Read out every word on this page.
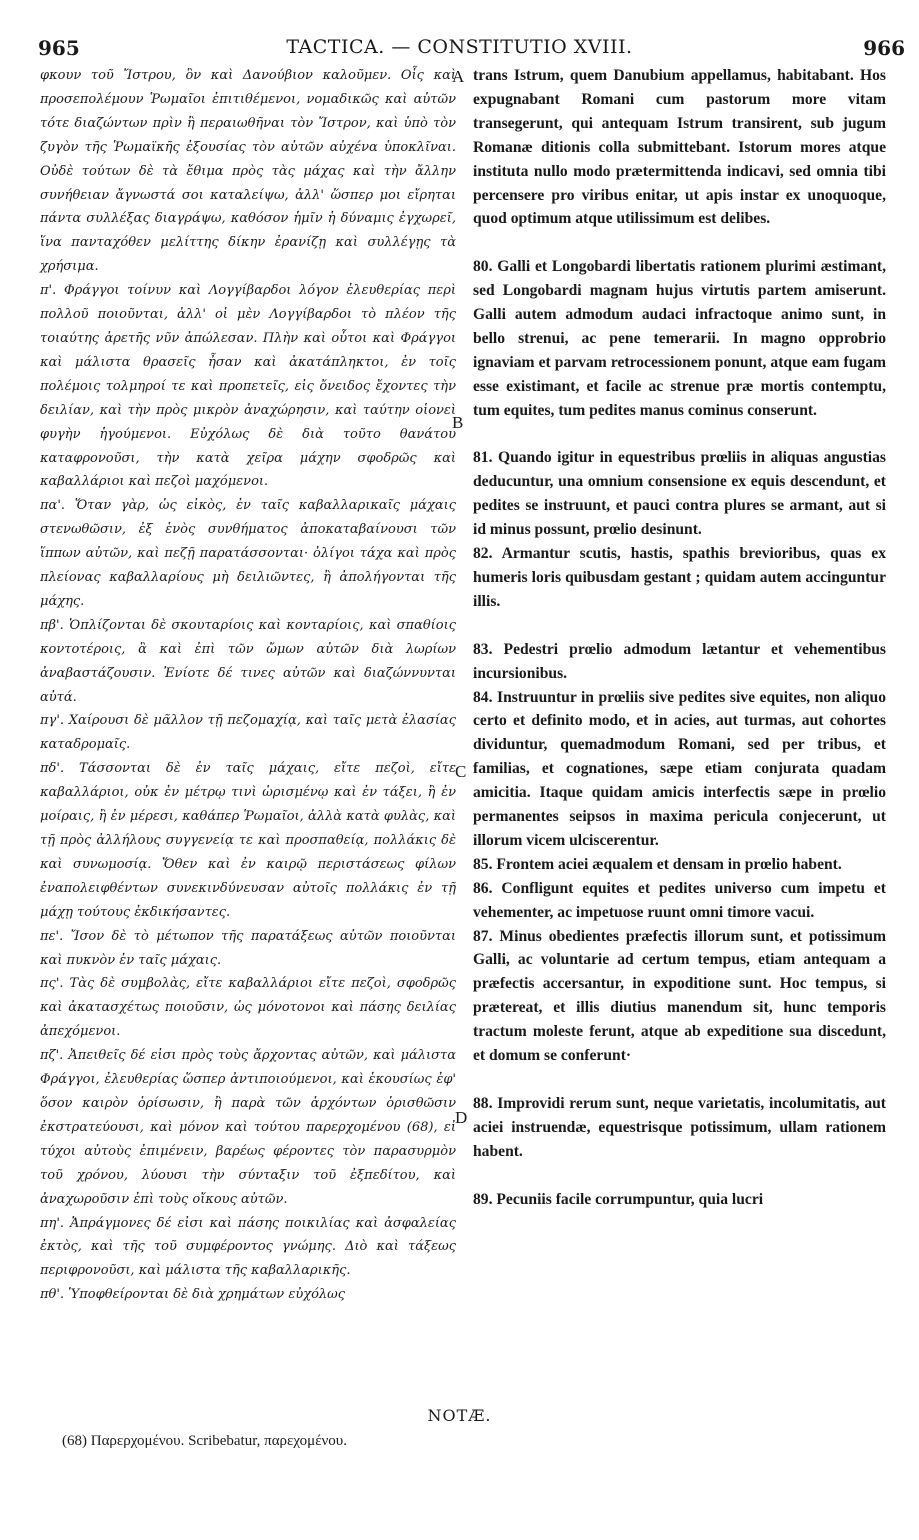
965	TACTICA. — CONSTITUTIO XVIII.	966

φκουν τοῦ Ἴστρου, ὃν καὶ Δανούβιον καλοῦμεν. Οἷς καὶ προσεπολέμουν Ῥωμαῖοι ἐπιτιθέμενοι, νομαδικῶς καὶ αὐτῶν τότε διαζώντων πρὶν ἢ περαιωθῆναι τὸν Ἴστρον, καὶ ὑπὸ τὸν ζυγὸν τῆς Ῥωμαϊκῆς ἐξουσίας τὸν αὐτῶν αὐχένα ὑποκλῖναι. Οὐδὲ τούτων δὲ τὰ ἔθιμα πρὸς τὰς μάχας καὶ τὴν ἄλλην συνήθειαν ἄγνωστά σοι καταλείψω, ἀλλ' ὥσπερ μοι εἴρηται πάντα συλλέξας διαγράψω, καθόσον ἡμῖν ἡ δύναμις ἐγχωρεῖ, ἵνα πανταχόθεν μελίττης δίκην ἐρανίζῃ καὶ συλλέγῃς τὰ χρήσιμα.

π'. Φράγγοι τοίνυν καὶ Λογγίβαρδοι λόγον ἐλευθερίας περὶ πολλοῦ ποιοῦνται, ἀλλ' οἱ μὲν Λογγίβαρδοι τὸ πλέον τῆς τοιαύτης ἀρετῆς νῦν ἀπώλεσαν. Πλὴν καὶ οὗτοι καὶ Φράγγοι καὶ μάλιστα θρασεῖς ἦσαν καὶ ἀκατάπληκτοι, ἐν τοῖς πολέμοις τολμηροί τε καὶ προπετεῖς, εἰς ὄνειδος ἔχοντες τὴν δειλίαν, καὶ τὴν πρὸς μικρὸν ἀναχώρησιν, καὶ ταύτην οἱονεὶ φυγὴν ἡγούμενοι. Εὐχόλως δὲ διὰ τοῦτο θανάτου καταφρονοῦσι, τὴν κατὰ χεῖρα μάχην σφοδρῶς καὶ καβαλλάριοι καὶ πεζοὶ μαχόμενοι.

πα'. Ὅταν γὰρ, ὡς εἰκὸς, ἐν ταῖς καβαλλαρικαῖς μάχαις στενωθῶσιν, ἐξ ἑνὸς συνθήματος ἀποκαταβαίνουσι τῶν ἵππων αὐτῶν, καὶ πεζῇ παρατάσσονται· ὀλίγοι τάχα καὶ πρὸς πλείονας καβαλλαρίους μὴ δειλιῶντες, ἢ ἀπολήγονται τῆς μάχης.

πβ'. Ὁπλίζονται δὲ σκουταρίοις καὶ κονταρίοις, καὶ σπαθίοις κοντοτέροις, ἃ καὶ ἐπὶ τῶν ὤμων αὐτῶν διὰ λωρίων ἀναβαστάζουσιν. Ἐνίοτε δέ τινες αὐτῶν καὶ διαζώννυνται αὐτά.

πγ'. Χαίρουσι δὲ μᾶλλον τῇ πεζομαχίᾳ, καὶ ταῖς μετὰ ἐλασίας καταδρομαῖς.

πδ'. Τάσσονται δὲ ἐν ταῖς μάχαις, εἴτε πεζοὶ, εἴτε καβαλλάριοι, οὐκ ἐν μέτρῳ τινὶ ὡρισμένῳ καὶ ἐν τάξει, ἢ ἐν μοίραις, ἢ ἐν μέρεσι, καθάπερ Ῥωμαῖοι, ἀλλὰ κατὰ φυλὰς, καὶ τῇ πρὸς ἀλλήλους συγγενείᾳ τε καὶ προσπαθείᾳ, πολλάκις δὲ καὶ συνωμοσίᾳ. Ὅθεν καὶ ἐν καιρῷ περιστάσεως φίλων ἐναπολειφθέντων συνεκινδύνευσαν αὐτοῖς πολλάκις ἐν τῇ μάχῃ τούτους ἐκδικήσαντες.

πε'. Ἴσον δὲ τὸ μέτωπον τῆς παρατάξεως αὐτῶν ποιοῦνται καὶ πυκνὸν ἐν ταῖς μάχαις.

πς'. Τὰς δὲ συμβολὰς, εἴτε καβαλλάριοι εἴτε πεζοὶ, σφοδρῶς καὶ ἀκατασχέτως ποιοῦσιν, ὡς μόνοτονοι καὶ πάσης δειλίας ἀπεχόμενοι.

πζ'. Ἀπειθεῖς δέ εἰσι πρὸς τοὺς ἄρχοντας αὐτῶν, καὶ μάλιστα Φράγγοι, ἐλευθερίας ὥσπερ ἀντιποιούμενοι, καὶ ἑκουσίως ἐφ' ὅσον καιρὸν ὁρίσωσιν, ἢ παρὰ τῶν ἀρχόντων ὁρισθῶσιν ἐκστρατεύουσι, καὶ μόνον καὶ τούτου παρερχομένου (68), εἰ τύχοι αὐτοὺς ἐπιμένειν, βαρέως φέροντες τὸν παρασυρμὸν τοῦ χρόνου, λύουσι τὴν σύνταξιν τοῦ ἐξπεδίτου, καὶ ἀναχωροῦσιν ἐπὶ τοὺς οἴκους αὐτῶν.

πη'. Ἀπράγμονες δέ εἰσι καὶ πάσης ποικιλίας καὶ ἀσφαλείας ἐκτὸς, καὶ τῆς τοῦ συμφέροντος γνώμης. Διὸ καὶ τάξεως περιφρονοῦσι, καὶ μάλιστα τῆς καβαλλαρικῆς.

πθ'. Ὑποφθείρονται δὲ διὰ χρημάτων εὐχόλως

trans Istrum, quem Danubium appellamus, habitabant. Hos expugnabant Romani cum pastorum more vitam transegerunt, qui antequam Istrum transirent, sub jugum Romanæ ditionis colla submittebant. Istorum mores atque instituta nullo modo prætermittenda indicavi, sed omnia tibi percensere pro viribus enitar, ut apis instar ex unoquoque, quod optimum atque utilissimum est delibes.

80. Galli et Longobardi libertatis rationem plurimi æstimant, sed Longobardi magnam hujus virtutis partem amiserunt. Galli autem admodum audaci infractoque animo sunt, in bello strenui, ac pene temerarii. In magno opprobrio ignaviam et parvam retrocessionem ponunt, atque eam fugam esse existimant, et facile ac strenue præ mortis contemptu, tum equites, tum pedites manus cominus conserunt.

81. Quando igitur in equestribus prœliis in aliquas angustias deducuntur, una omnium consensione ex equis descendunt, et pedites se instruunt, et pauci contra plures se armant, aut si id minus possunt, prœlio desinunt.

82. Armantur scutis, hastis, spathis brevioribus, quas ex humeris loris quibusdam gestant ; quidam autem accinguntur illis.

83. Pedestri prœlio admodum lætantur et vehementibus incursionibus.

84. Instruuntur in prœliis sive pedites sive equites, non aliquo certo et definito modo, et in acies, aut turmas, aut cohortes dividuntur, quemadmodum Romani, sed per tribus, et familias, et cognationes, sæpe etiam conjurata quadam amicitia. Itaque quidam amicis interfectis sæpe in prœlio permanentes seipsos in maxima pericula conjecerunt, ut illorum vicem ulciscerentur.

85. Frontem aciei æqualem et densam in prœlio habent.

86. Confligunt equites et pedites universo cum impetu et vehementer, ac impetuose ruunt omni timore vacui.

87. Minus obedientes præfectis illorum sunt, et potissimum Galli, ac voluntarie ad certum tempus, etiam antequam a præfectis accersantur, in expoditione sunt. Hoc tempus, si prætereat, et illis diutius manendum sit, hunc temporis tractum moleste ferunt, atque ab expeditione sua discedunt, et domum se conferunt·

88. Improvidi rerum sunt, neque varietatis, incolumitatis, aut aciei instruendæ, equestrisque potissimum, ullam rationem habent.

89. Pecuniis facile corrumpuntur, quia lucri

A
B
C
D
NOTÆ.
(68) Παρερχομένου. Scribebatur, παρεχομένου.
